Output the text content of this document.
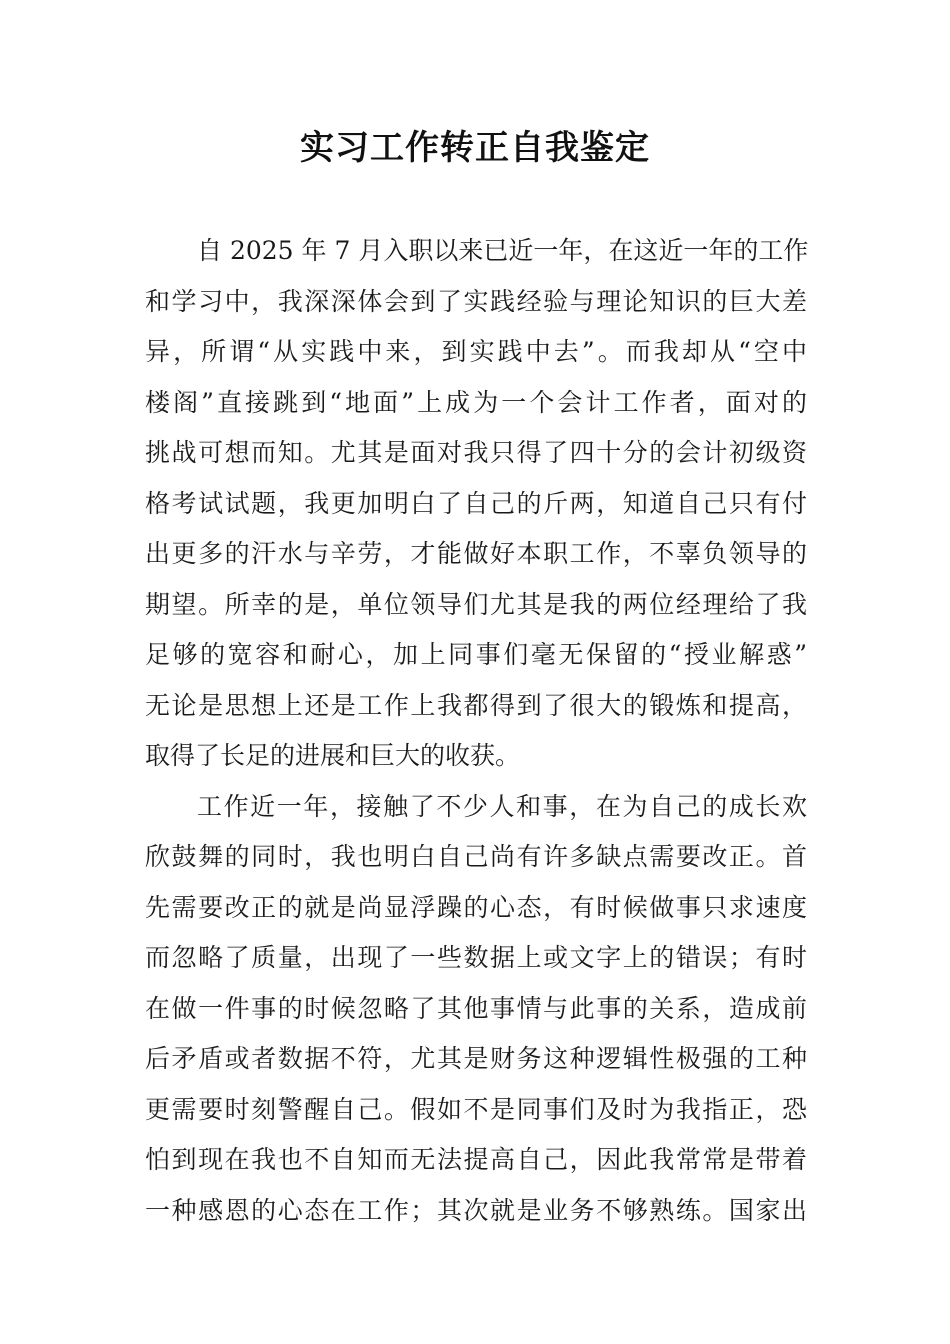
实习工作转正自我鉴定
自 2025 年 7 月入职以来已近一年，在这近一年的工作
和学习中，我深深体会到了实践经验与理论知识的巨大差
异，所谓“从实践中来，到实践中去”。而我却从“空中
楼阁”直接跳到“地面”上成为一个会计工作者，面对的
挑战可想而知。尤其是面对我只得了四十分的会计初级资
格考试试题，我更加明白了自己的斤两，知道自己只有付
出更多的汗水与辛劳，才能做好本职工作，不辜负领导的
期望。所幸的是，单位领导们尤其是我的两位经理给了我
足够的宽容和耐心，加上同事们毫无保留的“授业解惑”
无论是思想上还是工作上我都得到了很大的锻炼和提高，
取得了长足的进展和巨大的收获。
工作近一年，接触了不少人和事，在为自己的成长欢
欣鼓舞的同时，我也明白自己尚有许多缺点需要改正。首
先需要改正的就是尚显浮躁的心态，有时候做事只求速度
而忽略了质量，出现了一些数据上或文字上的错误；有时
在做一件事的时候忽略了其他事情与此事的关系，造成前
后矛盾或者数据不符，尤其是财务这种逻辑性极强的工种
更需要时刻警醒自己。假如不是同事们及时为我指正，恐
怕到现在我也不自知而无法提高自己，因此我常常是带着
一种感恩的心态在工作；其次就是业务不够熟练。国家出
